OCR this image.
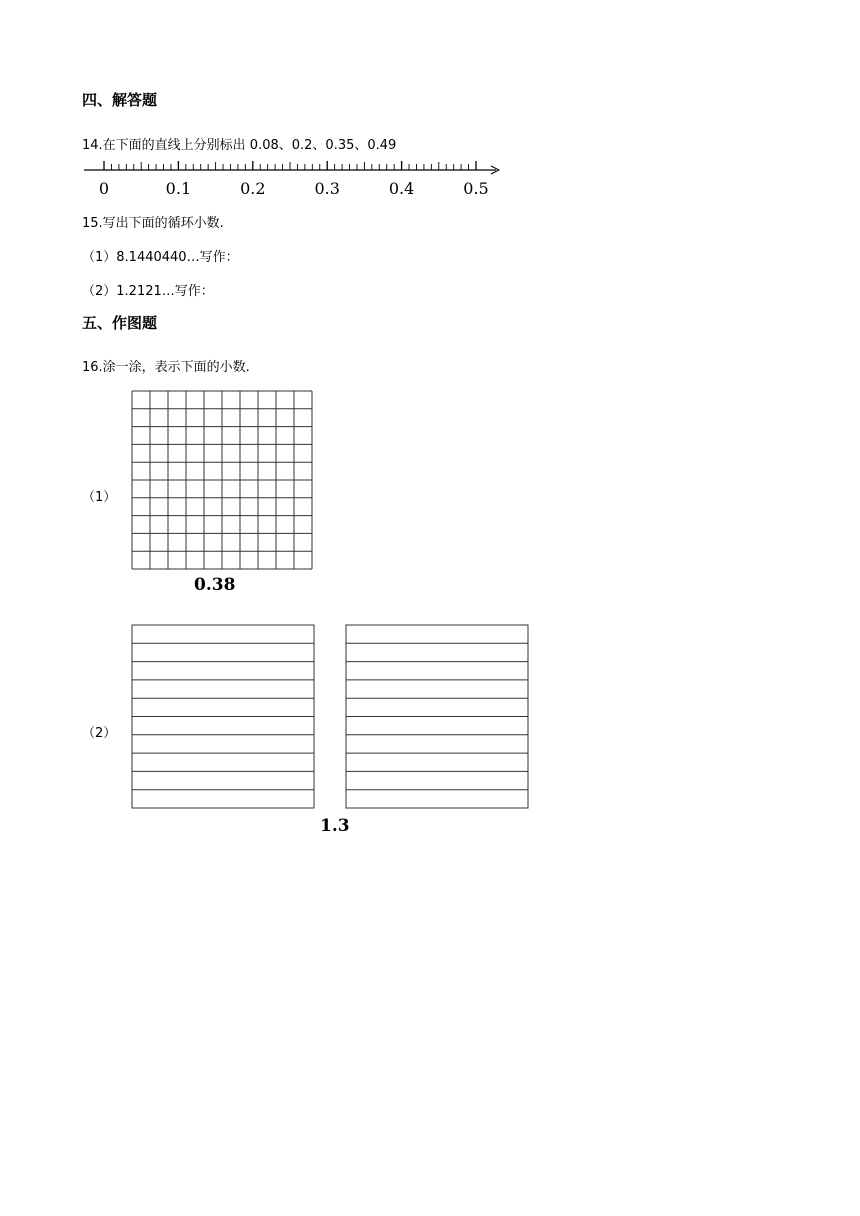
四、解答题
14.在下面的直线上分别标出 0.08、0.2、0.35、0.49
0	0.1	0.2	0.3	0.4	0.5
15.写出下面的循环小数.
（1）8.1440440…写作：
（2）1.2121…写作：
五、作图题
16.涂一涂，表示下面的小数.
（1）
0.38
（2）
1.3
